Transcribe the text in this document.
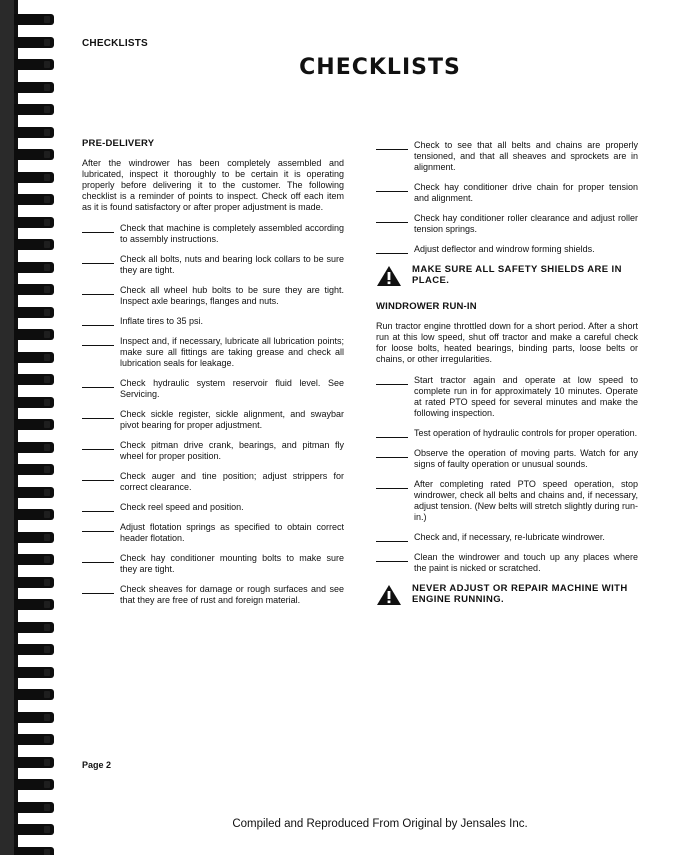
CHECKLISTS
CHECKLISTS
PRE-DELIVERY
After the windrower has been completely assembled and lubricated, inspect it thoroughly to be certain it is operating properly before delivering it to the customer. The following checklist is a reminder of points to inspect. Check off each item as it is found satisfactory or after proper adjustment is made.
Check that machine is completely assembled according to assembly instructions.
Check all bolts, nuts and bearing lock collars to be sure they are tight.
Check all wheel hub bolts to be sure they are tight. Inspect axle bearings, flanges and nuts.
Inflate tires to 35 psi.
Inspect and, if necessary, lubricate all lubrication points; make sure all fittings are taking grease and check all lubrication seals for leakage.
Check hydraulic system reservoir fluid level. See Servicing.
Check sickle register, sickle alignment, and swaybar pivot bearing for proper adjustment.
Check pitman drive crank, bearings, and pitman fly wheel for proper position.
Check auger and tine position; adjust strippers for correct clearance.
Check reel speed and position.
Adjust flotation springs as specified to obtain correct header flotation.
Check hay conditioner mounting bolts to make sure they are tight.
Check sheaves for damage or rough surfaces and see that they are free of rust and foreign material.
Check to see that all belts and chains are properly tensioned, and that all sheaves and sprockets are in alignment.
Check hay conditioner drive chain for proper tension and alignment.
Check hay conditioner roller clearance and adjust roller tension springs.
Adjust deflector and windrow forming shields.
MAKE SURE ALL SAFETY SHIELDS ARE IN PLACE.
WINDROWER RUN-IN
Run tractor engine throttled down for a short period. After a short run at this low speed, shut off tractor and make a careful check for loose bolts, heated bearings, binding parts, loose belts or chains, or other irregularities.
Start tractor again and operate at low speed to complete run in for approximately 10 minutes. Operate at rated PTO speed for several minutes and make the following inspection.
Test operation of hydraulic controls for proper operation.
Observe the operation of moving parts. Watch for any signs of faulty operation or unusual sounds.
After completing rated PTO speed operation, stop windrower, check all belts and chains and, if necessary, adjust tension. (New belts will stretch slightly during run-in.)
Check and, if necessary, re-lubricate windrower.
Clean the windrower and touch up any places where the paint is nicked or scratched.
NEVER ADJUST OR REPAIR MACHINE WITH ENGINE RUNNING.
Page 2
Compiled and Reproduced From Original by Jensales Inc.
